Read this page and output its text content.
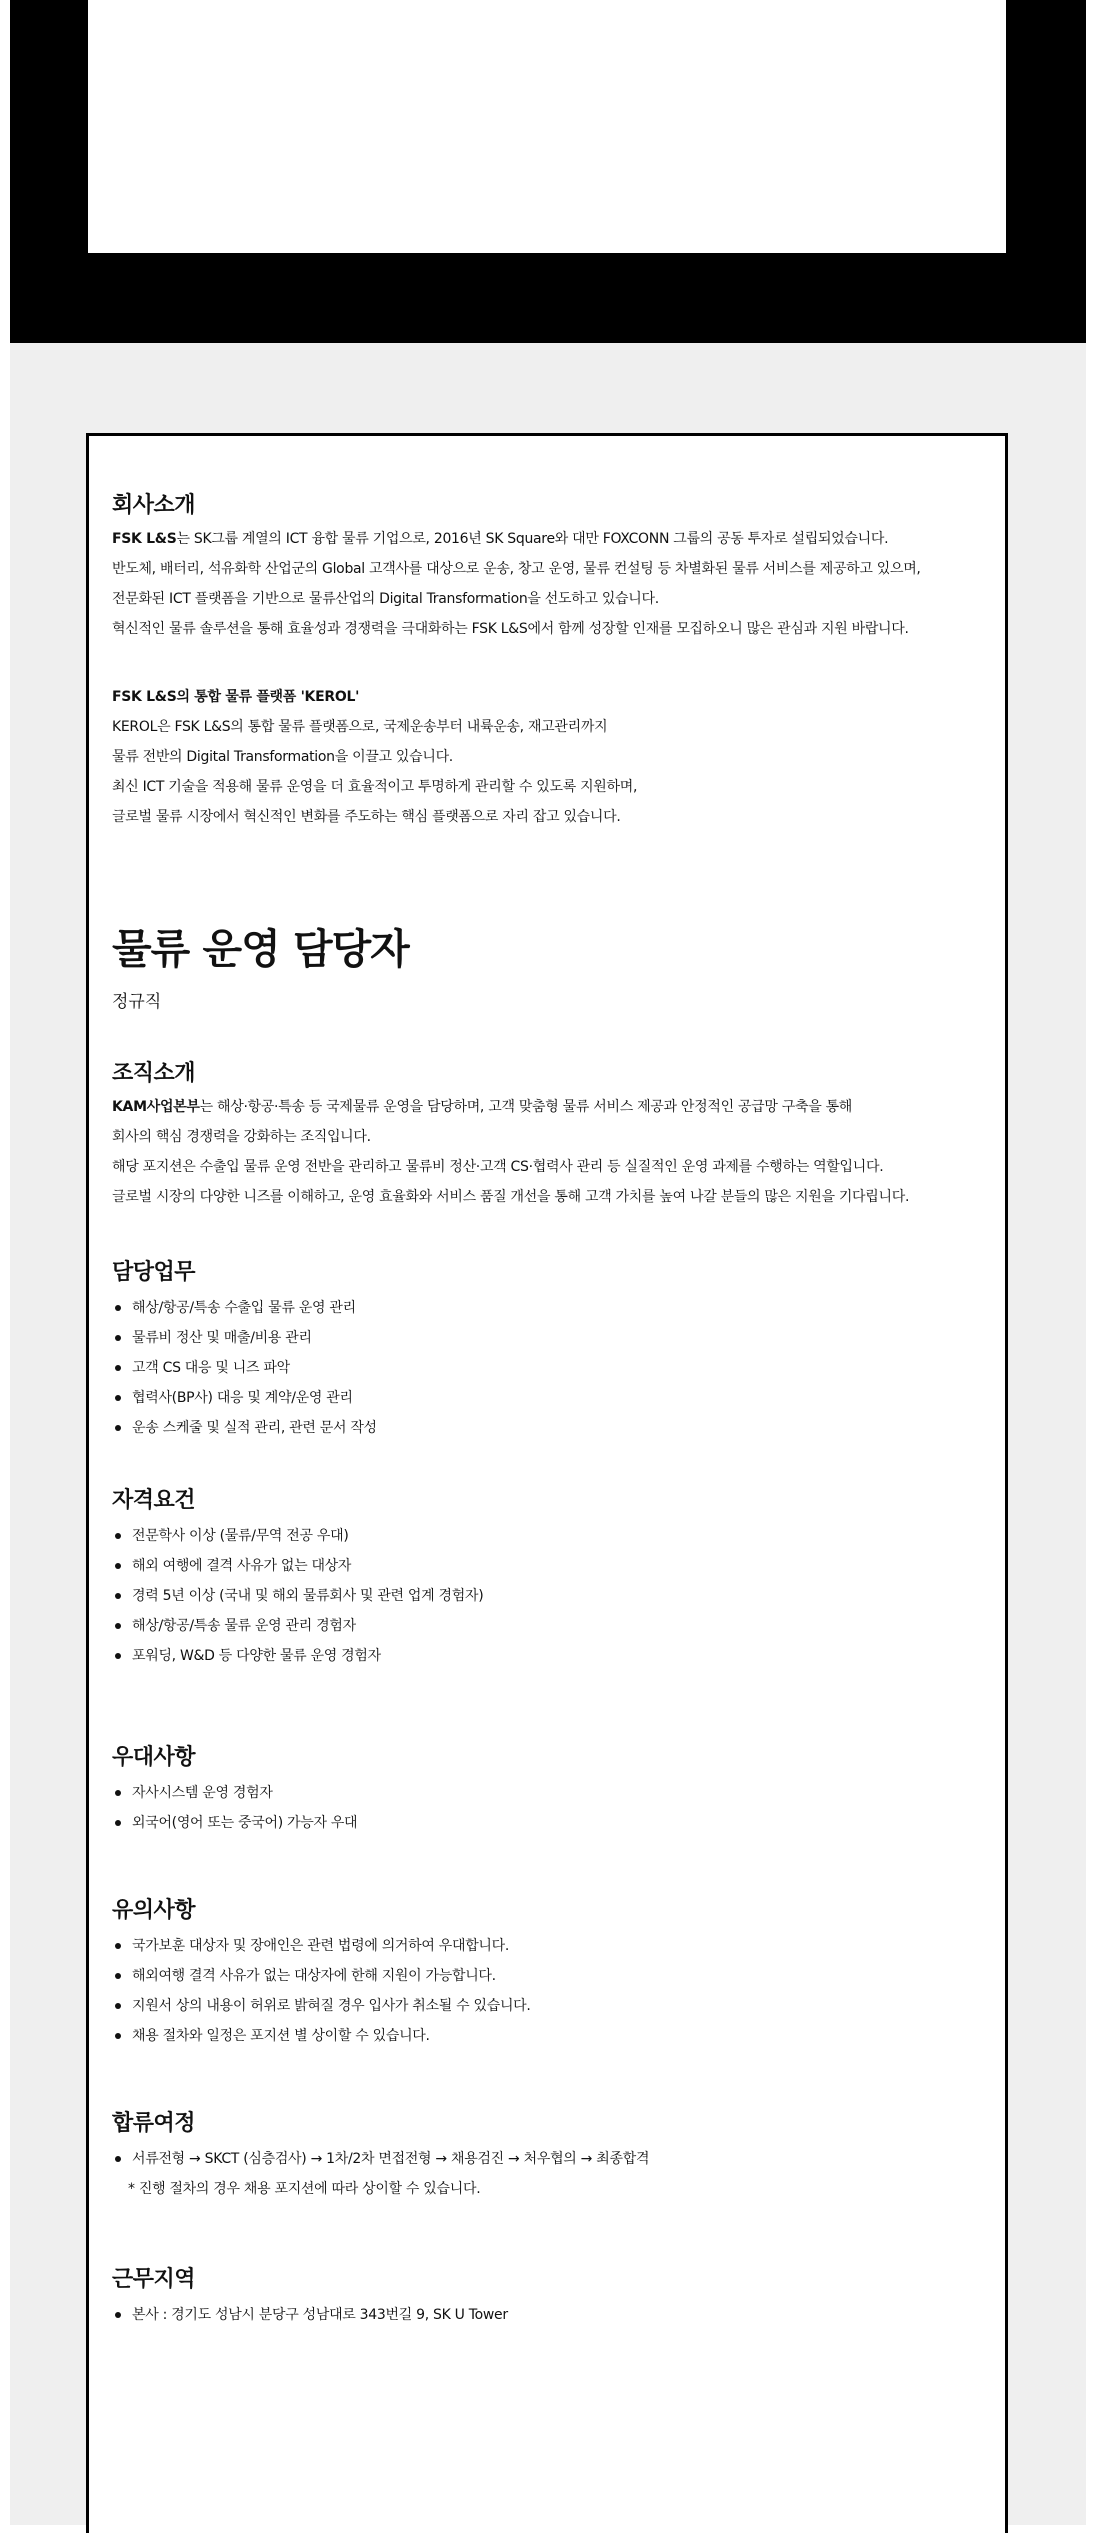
회사소개

FSK L&S는 SK그룹 계열의 ICT 융합 물류 기업으로, 2016년 SK Square와 대만 FOXCONN 그룹의 공동 투자로 설립되었습니다.

반도체, 배터리, 석유화학 산업군의 Global 고객사를 대상으로 운송, 창고 운영, 물류 컨설팅 등 차별화된 물류 서비스를 제공하고 있으며,

전문화된 ICT 플랫폼을 기반으로 물류산업의 Digital Transformation을 선도하고 있습니다.

혁신적인 물류 솔루션을 통해 효율성과 경쟁력을 극대화하는 FSK L&S에서 함께 성장할 인재를 모집하오니 많은 관심과 지원 바랍니다.

FSK L&S의 통합 물류 플랫폼 'KEROL'

KEROL은 FSK L&S의 통합 물류 플랫폼으로, 국제운송부터 내륙운송, 재고관리까지

물류 전반의 Digital Transformation을 이끌고 있습니다.

최신 ICT 기술을 적용해 물류 운영을 더 효율적이고 투명하게 관리할 수 있도록 지원하며,

글로벌 물류 시장에서 혁신적인 변화를 주도하는 핵심 플랫폼으로 자리 잡고 있습니다.

물류 운영 담당자
정규직
조직소개

KAM사업본부는 해상·항공·특송 등 국제물류 운영을 담당하며, 고객 맞춤형 물류 서비스 제공과 안정적인 공급망 구축을 통해

회사의 핵심 경쟁력을 강화하는 조직입니다.

해당 포지션은 수출입 물류 운영 전반을 관리하고 물류비 정산·고객 CS·협력사 관리 등 실질적인 운영 과제를 수행하는 역할입니다.

글로벌 시장의 다양한 니즈를 이해하고, 운영 효율화와 서비스 품질 개선을 통해 고객 가치를 높여 나갈 분들의 많은 지원을 기다립니다.

담당업무
해상/항공/특송 수출입 물류 운영 관리
물류비 정산 및 매출/비용 관리
고객 CS 대응 및 니즈 파악
협력사(BP사) 대응 및 계약/운영 관리
운송 스케줄 및 실적 관리, 관련 문서 작성
자격요건
전문학사 이상 (물류/무역 전공 우대)
해외 여행에 결격 사유가 없는 대상자
경력 5년 이상 (국내 및 해외 물류회사 및 관련 업계 경험자)
해상/항공/특송 물류 운영 관리 경험자
포워딩, W&D 등 다양한 물류 운영 경험자
우대사항
자사시스템 운영 경험자
외국어(영어 또는 중국어) 가능자 우대
유의사항
국가보훈 대상자 및 장애인은 관련 법령에 의거하여 우대합니다.
해외여행 결격 사유가 없는 대상자에 한해 지원이 가능합니다.
지원서 상의 내용이 허위로 밝혀질 경우 입사가 취소될 수 있습니다.
채용 절차와 일정은 포지션 별 상이할 수 있습니다.
합류여정
서류전형 → SKCT (심층검사) → 1차/2차 면접전형 → 채용검진 → 처우협의 → 최종합격
* 진행 절차의 경우 채용 포지션에 따라 상이할 수 있습니다.
근무지역
본사 : 경기도 성남시 분당구 성남대로 343번길 9, SK U Tower
